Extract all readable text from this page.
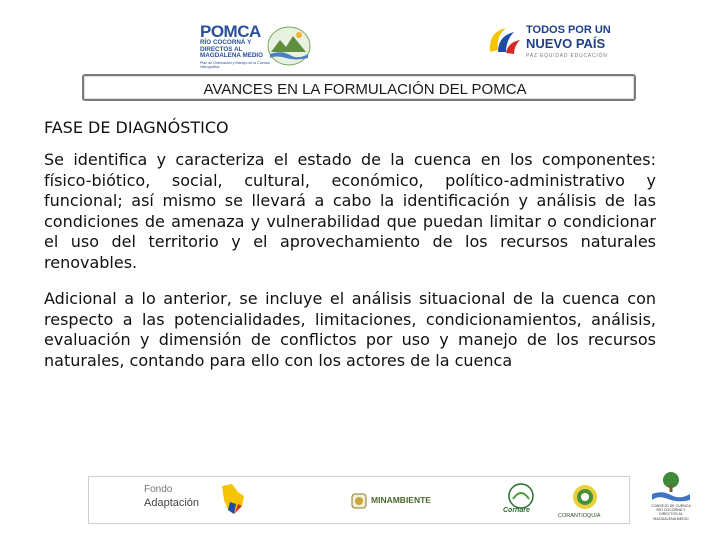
POMCA
RÍO COCORNÁ Y DIRECTOS AL MAGDALENA MEDIO
Plan de Ordenación y Manejo de la Cuenca Hidrográfica
TODOS POR UN
NUEVO PAÍS
PAZ EQUIDAD EDUCACIÓN
AVANCES EN LA FORMULACIÓN DEL POMCA
FASE DE DIAGNÓSTICO
Se identifica y caracteriza el estado de la cuenca en los componentes: físico-biótico, social, cultural, económico, político-administrativo y funcional; así mismo se llevará a cabo la identificación y análisis de las condiciones de amenaza y vulnerabilidad que puedan limitar o condicionar el uso del territorio y el aprovechamiento de los recursos naturales renovables.
Adicional a lo anterior, se incluye el análisis situacional de la cuenca con respecto a las potencialidades, limitaciones, condicionamientos, análisis, evaluación y dimensión de conflictos por uso y manejo de los recursos naturales, contando para ello con los actores de la cuenca
Fondo
Adaptación	MINAMBIENTE
Cornare
CORANTIOQUIA
CONSEJO DE CUENCA RÍO COCORNÁ Y DIRECTOS AL MAGDALENA MEDIO
